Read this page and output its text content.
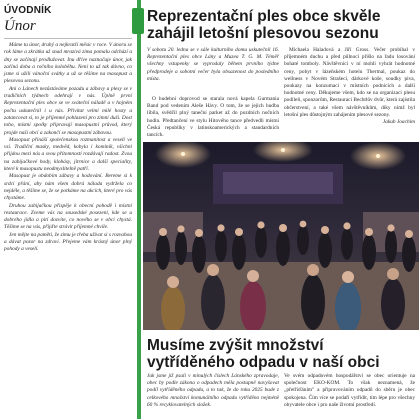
ÚVODNÍK
Únor

Máme tu únor, druhý a nejkratší měsíc v roce. V únoru se rok láme a zkrátka už snad mrazivá zima pomalu odchází a dny se začínají prodlužovat. Inu dříve naznačuje únor, jak začíná doba a ročního koloběhu. Není to už tak dávno, co jsme si užili vánoční svátky a už se těšíme na masopust a plesovou sezonu.

Ani o Lánech nezůstáváme pozadu a zábavy a plesy se v tradičních týdnech odehrají v nás. Úplně první Reprezentační ples obce se ve sváteční náladě a v hojném počtu uskutečnil i u nás. Přivítat velmi milé hosty a zatancovat si, to je příjemné pohlazení pro zimní duši. Dost toho, místní spolky připravují masopustní průvod, který projde naší obcí a zakončí se masopustní zábavou.

Masopust přináší společenskou rozmanitost a veselí ve vsi. Tradiční masky, medvěd, kobyla i kominík, všichni přijdou mezi nás a svou přítomností rozdávají radost. Zvou na zabijačkové hody, klobásy, jitrnice a další speciality, které k masopustu neodmyslitelně patří.

Masopust je obdobím zábavy a hodování. Bereme si k srdci přání, aby nám všem dobrá nálada vydržela co nejdéle, a těšíme se, že se potkáme na akcích, které pro vás chystáme.

Druhou zabijačkou přispěje k obecní pohodě i místní restaurace. Zveme vás na sousedské posezení, kde se u dobrého jídla a pití dozvíte, co nového se v obci chystá. Těšíme se na vás, přijďte strávit příjemné chvíle.

Jen mějte na paměti, že zimu je třeba užívat si s rozvahou a dávat pozor na zdraví. Přejeme vám krásný únor plný pohody a veselí.

Reprezentační ples obce skvěle zahájil letošní plesovou sezonu
V sobotu 20. ledna se v sále kulturního domu uskutečnil 16. Reprezentační ples obce Lány a Muzea T. G. M. Téměř všechny vstupenky se vyprodaly během prvního týdne předprodeje a sobotní večer byla obsazenost do posledního místa.

O hudební doprovod se starala nová kapela Gurmania Band pod vedením Aleše Hávy. O tom, že se jejich hudba líbila, svědčil plný taneční parket až do pozdních nočních hodin. Předtančení ve stylu Hitového tance předvedli místní Česká republiky v latinskoamerických a standardních tancích.

Michaela Haladová a Jiří Gross. Večer probíhal v příjemném duchu a před půlnocí přišlo na řadu losování bohaté tomboly. Návštěvníci v ní mohli vyhrát hodnotné ceny, pobyt v lázeňském hotelu Thermal, poukaz do wellness v Novém Strašecí, dárkové koše, soudky piva, poukazy na konzumaci v místních podnicích a další hodnotné ceny. Děkujeme všem, kdo se na organizaci plesu podíleli, sponzorům, Restauraci Bechtlův dvůr, která zajistila občerstvení, a také všem návštěvníkům, díky nimž byl letošní ples důstojným zahájením plesové sezony.

Jakub Joachim

Musíme zvýšit množství vytříděného odpadu v naší obci
Jak jsme již psali v minulých číslech Lánského zpravodaje, obec by podle zákona o odpadech měla postupně navyšovat podíl vytříděného odpadu, a to tak, že do roku 2025 bude z celkového množství komunálního odpadu vytříděno nejméně 60 % recyklovatelných složek.
Ve svém odpadovém hospodářství se obec orientuje na společnost EKO-KOM. To však neznamená, že „přetříďáním" a připravováním odpadů do sběru je obec spokojena. Čím více se podaří vytřídit, tím lépe pro všechny obyvatele obce i pro naše životní prostředí.
